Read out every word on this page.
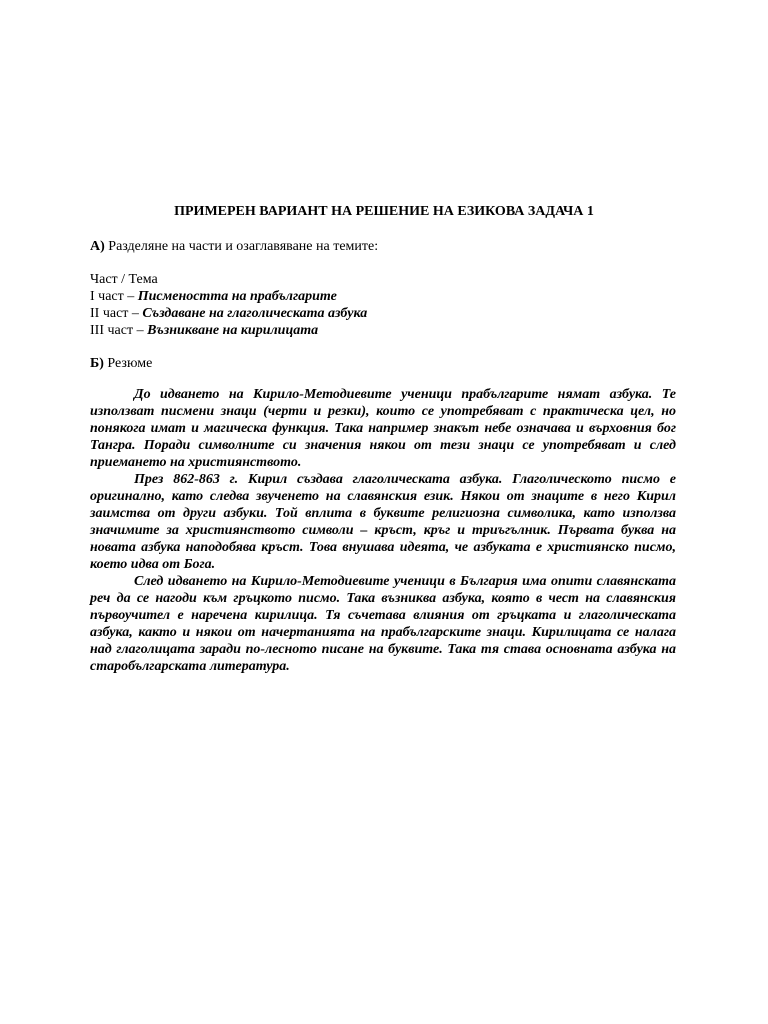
ПРИМЕРЕН ВАРИАНТ НА РЕШЕНИЕ НА ЕЗИКОВА ЗАДАЧА 1
А) Разделяне на части и озаглавяване на темите:
Част / Тема
І част – Писмеността на прабългарите
ІІ част – Създаване на глаголическата азбука
ІІІ част – Възникване на кирилицата
Б) Резюме

До идването на Кирило-Методиевите ученици прабългарите нямат азбука. Те използват писмени знаци (черти и резки), които се употребяват с практическа цел, но понякога имат и магическа функция. Така например знакът небе означава и върховния бог Тангра. Поради символните си значения някои от тези знаци се употребяват и след приемането на християнството.

През 862-863 г. Кирил създава глаголическата азбука. Глаголическото писмо е оригинално, като следва звученето на славянския език. Някои от знаците в него Кирил заимства от други азбуки. Той вплита в буквите религиозна символика, като използва значимите за християнството символи – кръст, кръг и триъгълник. Първата буква на новата азбука наподобява кръст. Това внушава идеята, че азбуката е християнско писмо, което идва от Бога.

След идването на Кирило-Методиевите ученици в България има опити славянската реч да се нагоди към гръцкото писмо. Така възниква азбука, която в чест на славянския първоучител е наречена кирилица. Тя съчетава влияния от гръцката и глаголическата азбука, както и някои от начертанията на прабългарските знаци. Кирилицата се налага над глаголицата заради по-лесното писане на буквите. Така тя става основната азбука на старобългарската литература.
